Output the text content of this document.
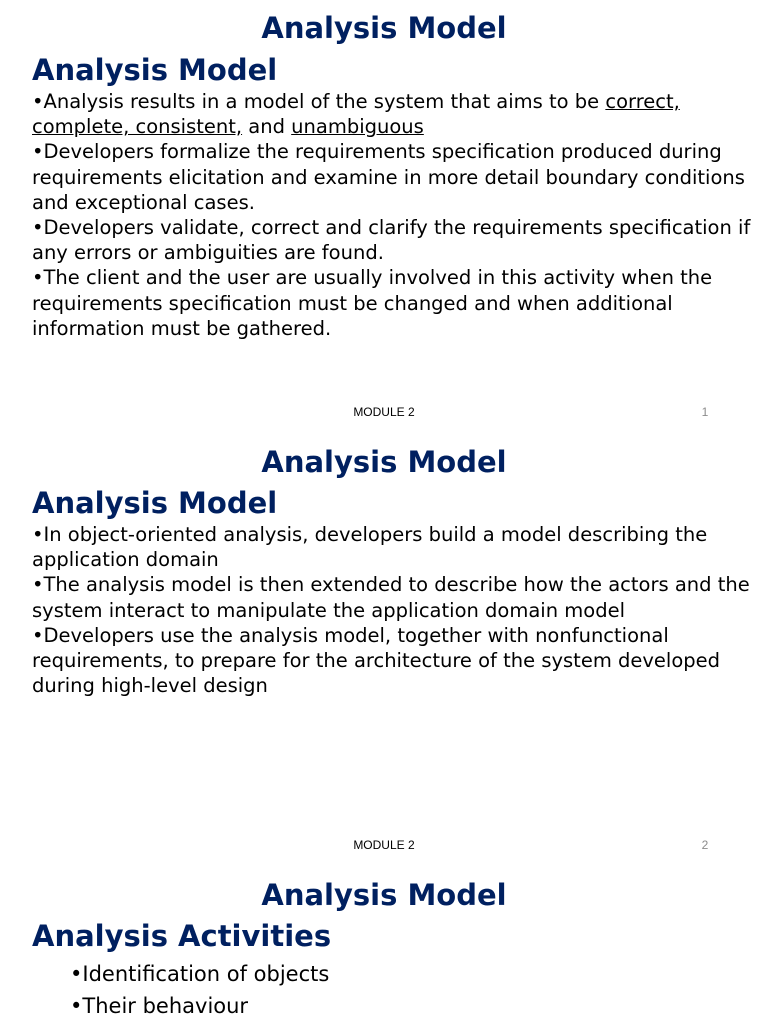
Analysis Model
Analysis Model
•Analysis results in a model of the system that aims to be correct, complete, consistent, and unambiguous
•Developers formalize the requirements specification produced during requirements elicitation and examine in more detail boundary conditions and exceptional cases.
•Developers validate, correct and clarify the requirements specification if any errors or ambiguities are found.
•The client and the user are usually involved in this activity when the requirements specification must be changed and when additional information must be gathered.
MODULE 2	1
Analysis Model
Analysis Model
•In object-oriented analysis, developers build a model describing the application domain
•The analysis model is then extended to describe how the actors and the system interact to manipulate the application domain model
•Developers use the analysis model, together with nonfunctional requirements, to prepare for the architecture of the system developed during high-level design
MODULE 2	2
Analysis Model
Analysis Activities
•Identification of objects
•Their behaviour
